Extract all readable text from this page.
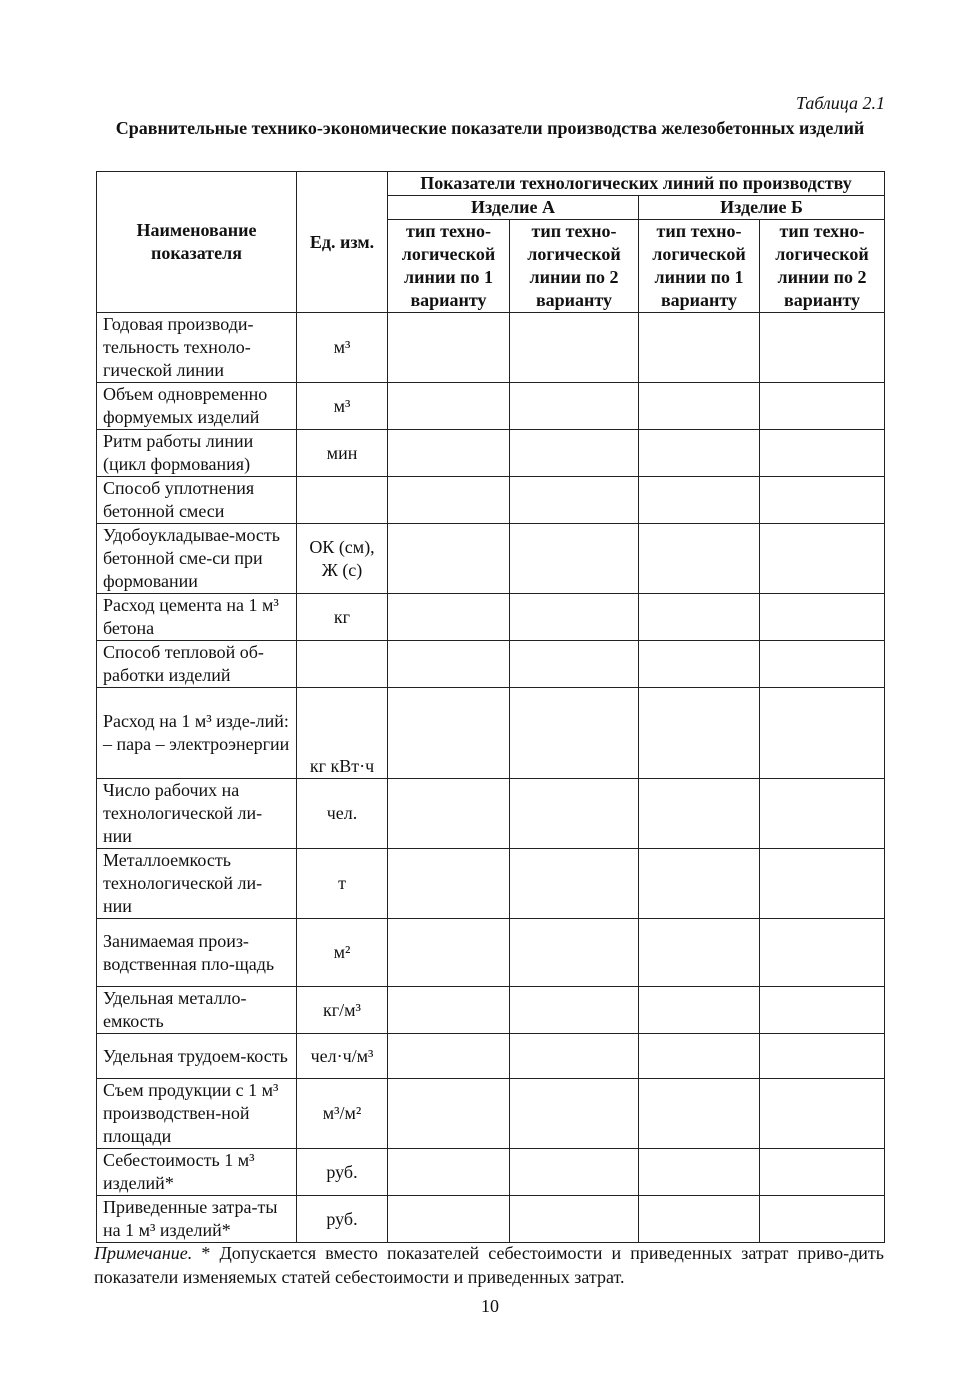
Таблица 2.1
Сравнительные технико-экономические показатели производства железобетонных изделий
Наименование показателя	Ед. изм.	Показатели технологических линий по производству			
		Изделие А		Изделие Б	
		тип техно-логической линии по 1 варианту	тип техно-логической линии по 2 варианту	тип техно-логической линии по 1 варианту	тип техно-логической линии по 2 варианту
Годовая производи-тельность техноло-гической линии	м³				
Объем одновременно формуемых изделий	м³				
Ритм работы линии (цикл формования)	мин				
Способ уплотнения бетонной смеси					
Удобоукладывае-мость бетонной сме-си при формовании	ОК (см), Ж (с)				
Расход цемента на 1 м³ бетона	кг				
Способ тепловой об-работки изделий					
Расход на 1 м³ изде-лий: – пара – электроэнергии	кг кВт·ч				
Число рабочих на технологической ли-нии	чел.				
Металлоемкость технологической ли-нии	т				
Занимаемая произ-водственная пло-щадь	м²				
Удельная металло-емкость	кг/м³				
Удельная трудоем-кость	чел·ч/м³				
Съем продукции с 1 м³ производствен-ной площади	м³/м²				
Себестоимость 1 м³ изделий*	руб.				
Приведенные затра-ты на 1 м³ изделий*	руб.				
Примечание. * Допускается вместо показателей себестоимости и приведенных затрат приво-дить показатели изменяемых статей себестоимости и приведенных затрат.
10
